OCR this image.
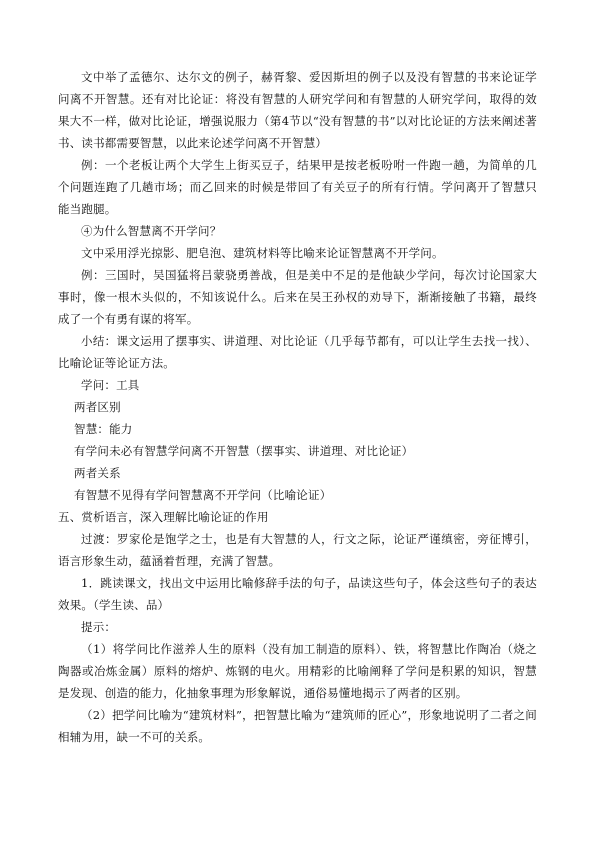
文中举了孟德尔、达尔文的例子，赫胥黎、爱因斯坦的例子以及没有智慧的书来论证学问离不开智慧。还有对比论证：将没有智慧的人研究学问和有智慧的人研究学问，取得的效果大不一样，做对比论证，增强说服力（第4节以“没有智慧的书”以对比论证的方法来阐述著书、读书都需要智慧，以此来论述学问离不开智慧）

例：一个老板让两个大学生上街买豆子，结果甲是按老板吩咐一件跑一趟，为简单的几个问题连跑了几趟市场；而乙回来的时候是带回了有关豆子的所有行情。学问离开了智慧只能当跑腿。

④为什么智慧离不开学问？

文中采用浮光掠影、肥皂泡、建筑材料等比喻来论证智慧离不开学问。

例：三国时，吴国猛将吕蒙骁勇善战，但是美中不足的是他缺少学问，每次讨论国家大事时，像一根木头似的，不知该说什么。后来在吴王孙权的劝导下，渐渐接触了书籍，最终成了一个有勇有谋的将军。

小结：课文运用了摆事实、讲道理、对比论证（几乎每节都有，可以让学生去找一找）、比喻论证等论证方法。

学问：工具

两者区别

智慧：能力

有学问未必有智慧学问离不开智慧（摆事实、讲道理、对比论证）

两者关系

有智慧不见得有学问智慧离不开学问（比喻论证）

五、赏析语言，深入理解比喻论证的作用

过渡：罗家伦是饱学之士，也是有大智慧的人，行文之际，论证严谨缜密，旁征博引，语言形象生动，蕴涵着哲理，充满了智慧。

1．跳读课文，找出文中运用比喻修辞手法的句子，品读这些句子，体会这些句子的表达效果。（学生读、品）

提示：

（1）将学问比作滋养人生的原料（没有加工制造的原料）、铁，将智慧比作陶冶（烧之陶器或冶炼金属）原料的熔炉、炼钢的电火。用精彩的比喻阐释了学问是积累的知识，智慧是发现、创造的能力，化抽象事理为形象解说，通俗易懂地揭示了两者的区别。

（2）把学问比喻为“建筑材料”，把智慧比喻为“建筑师的匠心”，形象地说明了二者之间相辅为用，缺一不可的关系。
